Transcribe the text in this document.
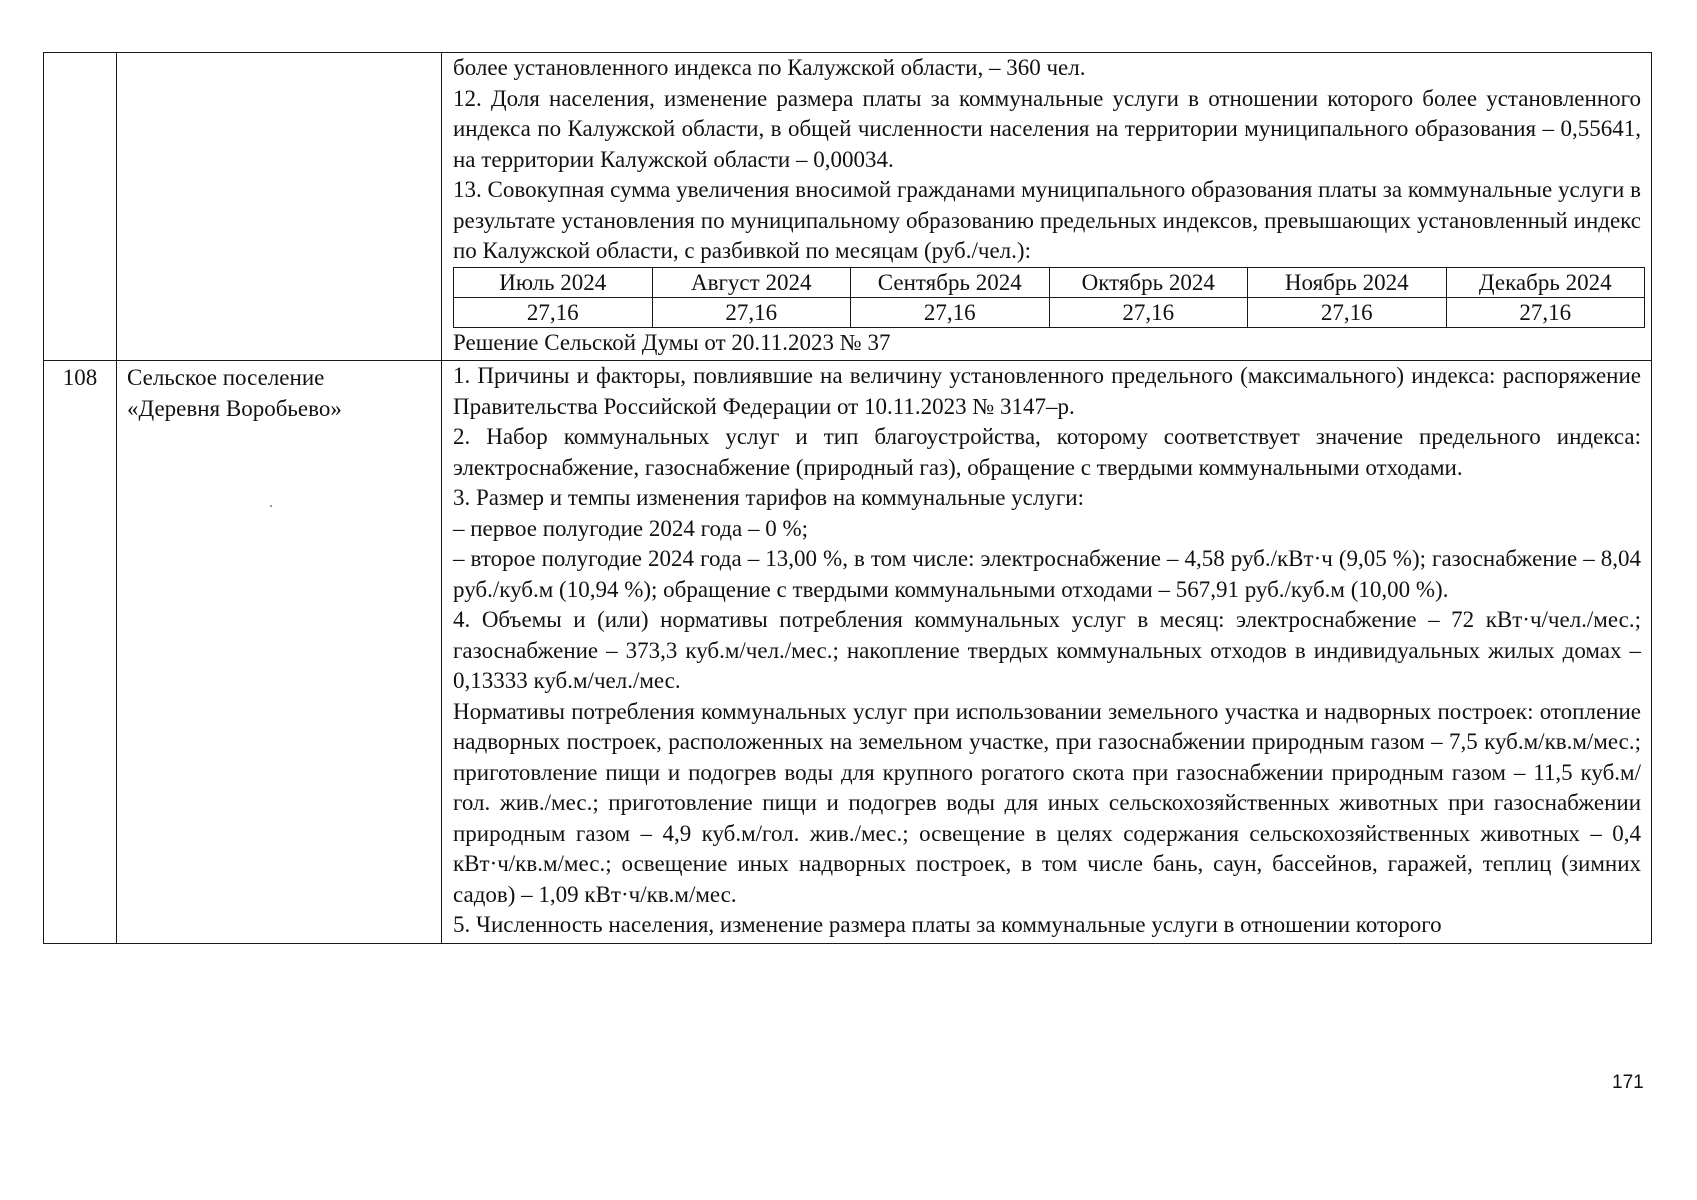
более установленного индекса по Калужской области, – 360 чел.

12. Доля населения, изменение размера платы за коммунальные услуги в отношении которого более установленного индекса по Калужской области, в общей численности населения на территории муниципального образования – 0,55641, на территории Калужской области – 0,00034.

13. Совокупная сумма увеличения вносимой гражданами муниципального образования платы за коммунальные услуги в результате установления по муниципальному образованию предельных индексов, превышающих установленный индекс по Калужской области, с разбивкой по месяцам (руб./чел.):

Июль 2024	Август 2024	Сентябрь 2024	Октябрь 2024	Ноябрь 2024	Декабрь 2024
27,16	27,16	27,16	27,16	27,16	27,16

Решение Сельской Думы от 20.11.2023 № 37

108	Сельское поселение
«Деревня Воробьево»

1. Причины и факторы, повлиявшие на величину установленного предельного (максимального) индекса: распоряжение Правительства Российской Федерации от 10.11.2023 № 3147–р.

2. Набор коммунальных услуг и тип благоустройства, которому соответствует значение предельного индекса: электроснабжение, газоснабжение (природный газ), обращение с твердыми коммунальными отходами.

3. Размер и темпы изменения тарифов на коммунальные услуги:

– первое полугодие 2024 года – 0 %;

– второе полугодие 2024 года – 13,00 %, в том числе: электроснабжение – 4,58 руб./кВт·ч (9,05 %); газоснабжение – 8,04 руб./куб.м (10,94 %); обращение с твердыми коммунальными отходами – 567,91 руб./куб.м (10,00 %).

4. Объемы и (или) нормативы потребления коммунальных услуг в месяц: электроснабжение – 72 кВт·ч/чел./мес.; газоснабжение – 373,3 куб.м/чел./мес.; накопление твердых коммунальных отходов в индивидуальных жилых домах – 0,13333 куб.м/чел./мес.

Нормативы потребления коммунальных услуг при использовании земельного участка и надворных построек: отопление надворных построек, расположенных на земельном участке, при газоснабжении природным газом – 7,5 куб.м/кв.м/мес.; приготовление пищи и подогрев воды для крупного рогатого скота при газоснабжении природным газом – 11,5 куб.м/гол. жив./мес.; приготовление пищи и подогрев воды для иных сельскохозяйственных животных при газоснабжении природным газом – 4,9 куб.м/гол. жив./мес.; освещение в целях содержания сельскохозяйственных животных – 0,4 кВт·ч/кв.м/мес.; освещение иных надворных построек, в том числе бань, саун, бассейнов, гаражей, теплиц (зимних садов) – 1,09 кВт·ч/кв.м/мес.

5. Численность населения, изменение размера платы за коммунальные услуги в отношении которого

171
